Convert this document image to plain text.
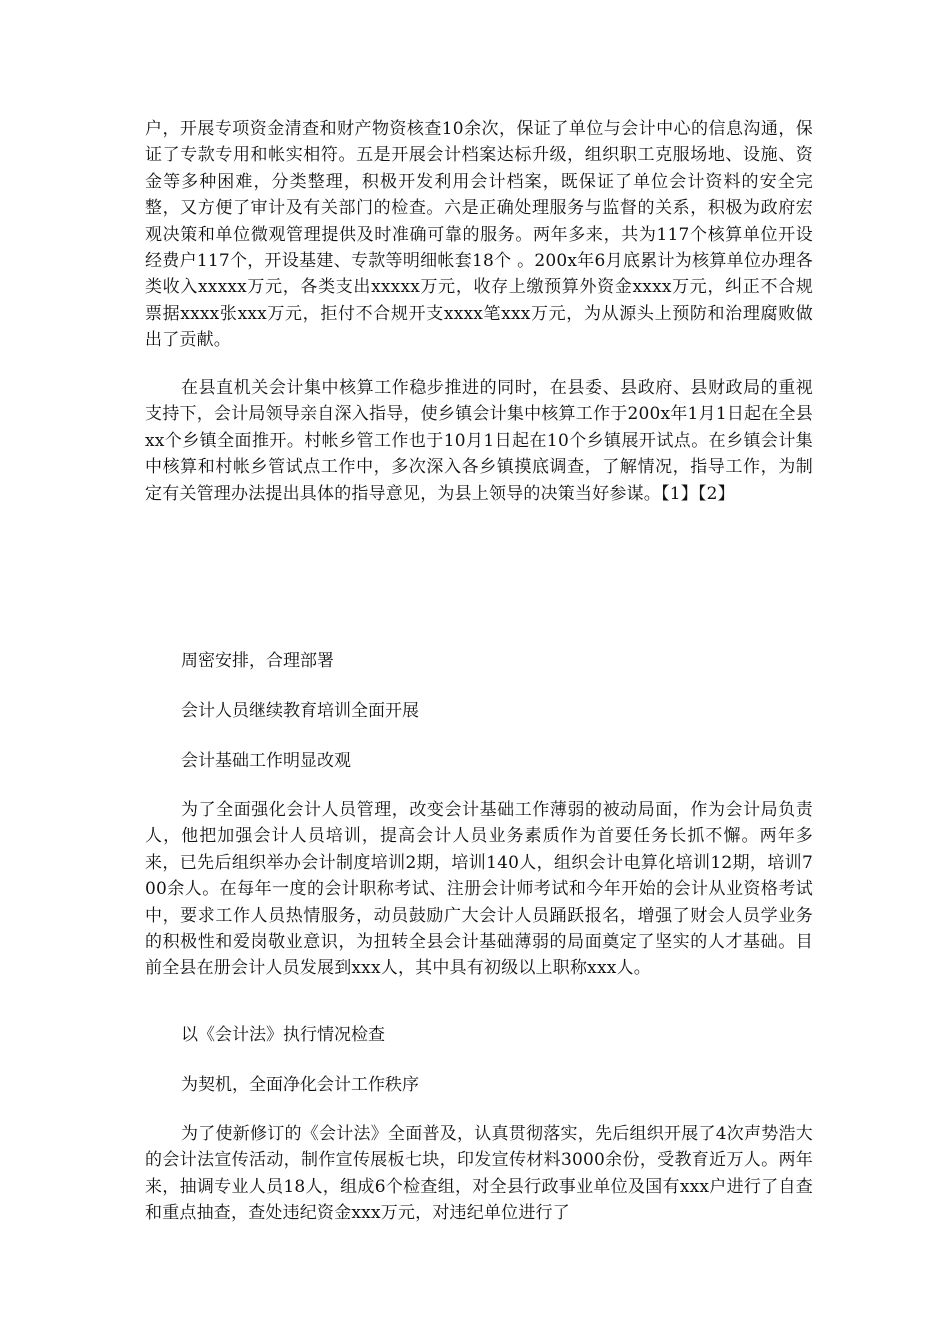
户，开展专项资金清查和财产物资核查10余次，保证了单位与会计中心的信息沟通，保证了专款专用和帐实相符。五是开展会计档案达标升级，组织职工克服场地、设施、资金等多种困难，分类整理，积极开发利用会计档案，既保证了单位会计资料的安全完整，又方便了审计及有关部门的检查。六是正确处理服务与监督的关系，积极为政府宏观决策和单位微观管理提供及时准确可靠的服务。两年多来，共为117个核算单位开设经费户117个，开设基建、专款等明细帐套18个 。200x年6月底累计为核算单位办理各类收入xxxxx万元，各类支出xxxxx万元，收存上缴预算外资金xxxx万元，纠正不合规票据xxxx张xxx万元，拒付不合规开支xxxx笔xxx万元，为从源头上预防和治理腐败做出了贡献。

在县直机关会计集中核算工作稳步推进的同时，在县委、县政府、县财政局的重视支持下，会计局领导亲自深入指导，使乡镇会计集中核算工作于200x年1月1日起在全县xx个乡镇全面推开。村帐乡管工作也于10月1日起在10个乡镇展开试点。在乡镇会计集中核算和村帐乡管试点工作中，多次深入各乡镇摸底调查，了解情况，指导工作，为制定有关管理办法提出具体的指导意见，为县上领导的决策当好参谋。【1】【2】

周密安排，合理部署
会计人员继续教育培训全面开展
会计基础工作明显改观

为了全面强化会计人员管理，改变会计基础工作薄弱的被动局面，作为会计局负责人，他把加强会计人员培训，提高会计人员业务素质作为首要任务长抓不懈。两年多来，已先后组织举办会计制度培训2期，培训140人，组织会计电算化培训12期，培训700余人。在每年一度的会计职称考试、注册会计师考试和今年开始的会计从业资格考试中，要求工作人员热情服务，动员鼓励广大会计人员踊跃报名，增强了财会人员学业务的积极性和爱岗敬业意识，为扭转全县会计基础薄弱的局面奠定了坚实的人才基础。目前全县在册会计人员发展到xxx人，其中具有初级以上职称xxx人。

以《会计法》执行情况检查
为契机，全面净化会计工作秩序

为了使新修订的《会计法》全面普及，认真贯彻落实，先后组织开展了4次声势浩大的会计法宣传活动，制作宣传展板七块，印发宣传材料3000余份，受教育近万人。两年来，抽调专业人员18人，组成6个检查组，对全县行政事业单位及国有xxx户进行了自查和重点抽查，查处违纪资金xxx万元，对违纪单位进行了
